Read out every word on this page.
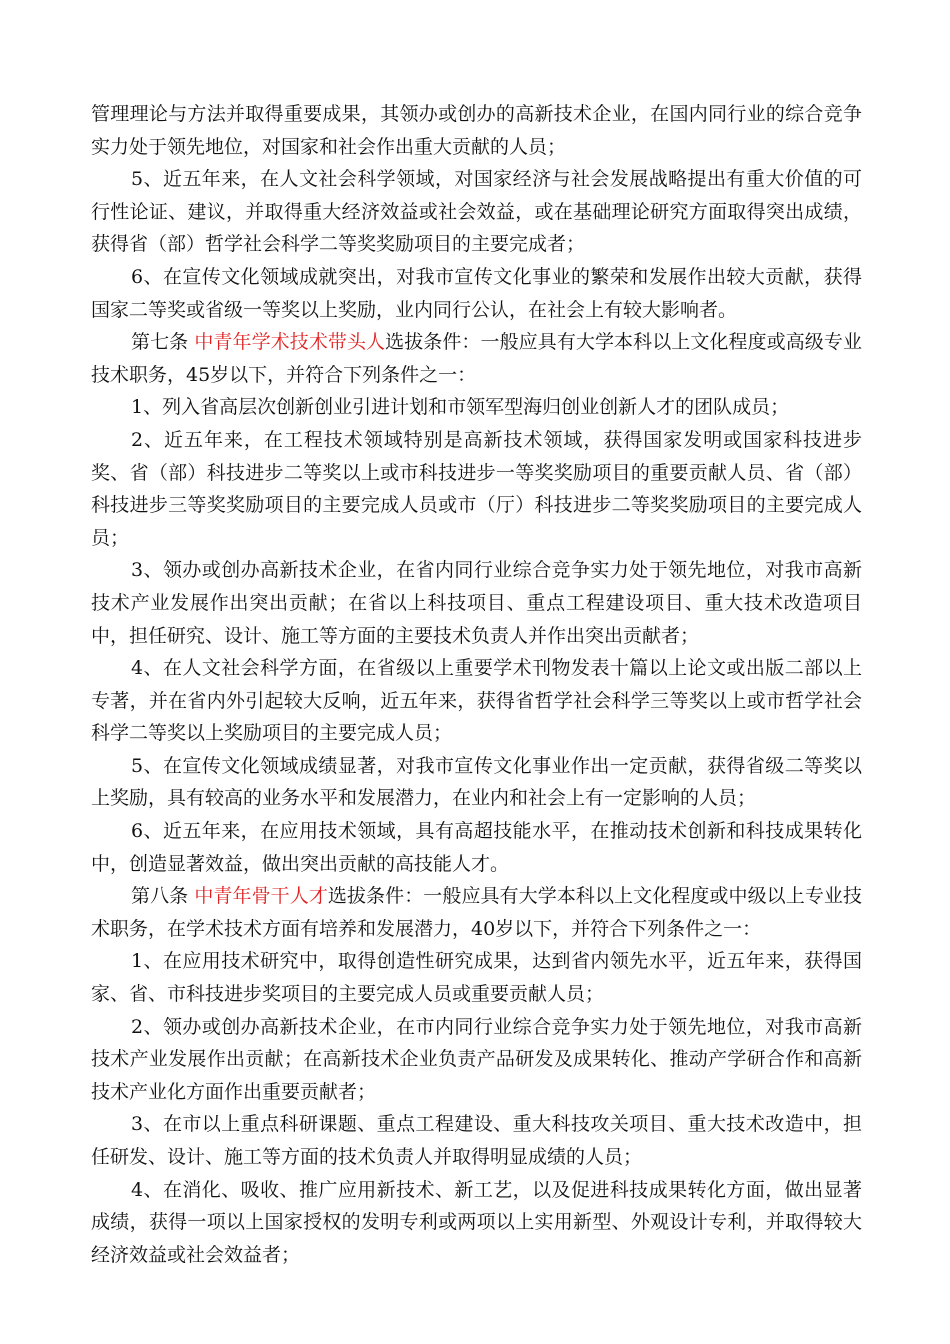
管理理论与方法并取得重要成果，其领办或创办的高新技术企业，在国内同行业的综合竞争实力处于领先地位，对国家和社会作出重大贡献的人员；

5、近五年来，在人文社会科学领域，对国家经济与社会发展战略提出有重大价值的可行性论证、建议，并取得重大经济效益或社会效益，或在基础理论研究方面取得突出成绩，获得省（部）哲学社会科学二等奖奖励项目的主要完成者；

6、在宣传文化领域成就突出，对我市宣传文化事业的繁荣和发展作出较大贡献，获得国家二等奖或省级一等奖以上奖励，业内同行公认，在社会上有较大影响者。

第七条 中青年学术技术带头人选拔条件：一般应具有大学本科以上文化程度或高级专业技术职务，45岁以下，并符合下列条件之一：

1、列入省高层次创新创业引进计划和市领军型海归创业创新人才的团队成员；

2、近五年来，在工程技术领域特别是高新技术领域，获得国家发明或国家科技进步奖、省（部）科技进步二等奖以上或市科技进步一等奖奖励项目的重要贡献人员、省（部）科技进步三等奖奖励项目的主要完成人员或市（厅）科技进步二等奖奖励项目的主要完成人员；

3、领办或创办高新技术企业，在省内同行业综合竞争实力处于领先地位，对我市高新技术产业发展作出突出贡献；在省以上科技项目、重点工程建设项目、重大技术改造项目中，担任研究、设计、施工等方面的主要技术负责人并作出突出贡献者；

4、在人文社会科学方面，在省级以上重要学术刊物发表十篇以上论文或出版二部以上专著，并在省内外引起较大反响，近五年来，获得省哲学社会科学三等奖以上或市哲学社会科学二等奖以上奖励项目的主要完成人员；

5、在宣传文化领域成绩显著，对我市宣传文化事业作出一定贡献，获得省级二等奖以上奖励，具有较高的业务水平和发展潜力，在业内和社会上有一定影响的人员；

6、近五年来，在应用技术领域，具有高超技能水平，在推动技术创新和科技成果转化中，创造显著效益，做出突出贡献的高技能人才。

第八条 中青年骨干人才选拔条件：一般应具有大学本科以上文化程度或中级以上专业技术职务，在学术技术方面有培养和发展潜力，40岁以下，并符合下列条件之一：

1、在应用技术研究中，取得创造性研究成果，达到省内领先水平，近五年来，获得国家、省、市科技进步奖项目的主要完成人员或重要贡献人员；

2、领办或创办高新技术企业，在市内同行业综合竞争实力处于领先地位，对我市高新技术产业发展作出贡献；在高新技术企业负责产品研发及成果转化、推动产学研合作和高新技术产业化方面作出重要贡献者；

3、在市以上重点科研课题、重点工程建设、重大科技攻关项目、重大技术改造中，担任研发、设计、施工等方面的技术负责人并取得明显成绩的人员；

4、在消化、吸收、推广应用新技术、新工艺，以及促进科技成果转化方面，做出显著成绩，获得一项以上国家授权的发明专利或两项以上实用新型、外观设计专利，并取得较大经济效益或社会效益者；
